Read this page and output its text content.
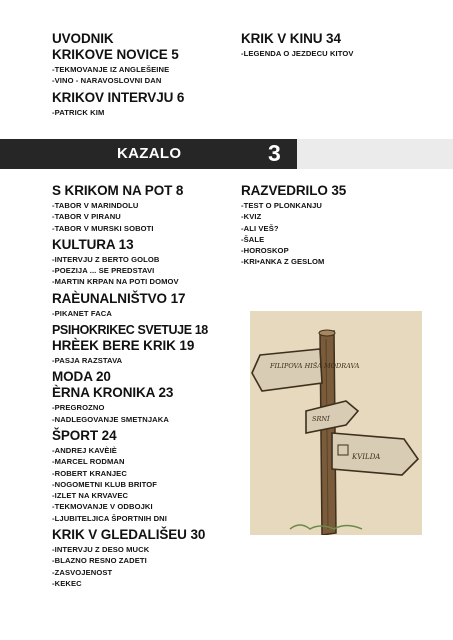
UVODNIK
KRIKOVE NOVICE 5
-TEKMOVANJE IZ ANGLEŠEINE
-VINO - NARAVOSLOVNI DAN
KRIKOV INTERVJU 6
-PATRICK KIM
KRIK V KINU 34
-LEGENDA O JEZDECU KITOV
KAZALO	3
S KRIKOM NA POT 8
-TABOR V MARINDOLU
-TABOR V PIRANU
-TABOR V MURSKI SOBOTI
KULTURA 13
-INTERVJU Z BERTO GOLOB
-POEZIJA ... SE PREDSTAVI
-MARTIN KRPAN NA POTI DOMOV
RAÈUNALNIŠTVO 17
-PIKANET FACA
PSIHOKRIKEC SVETUJE 18
HRÈEK BERE KRIK 19
-PASJA RAZSTAVA
MODA 20
ÈRNA KRONIKA 23
-PREGROZNO
-NADLEGOVANJE SMETNJAKA
ŠPORT 24
-ANDREJ KAVÈIÈ
-MARCEL RODMAN
-ROBERT KRANJEC
-NOGOMETNI KLUB BRITOF
-IZLET NA KRVAVEC
-TEKMOVANJE V ODBOJKI
-LJUBITELJICA ŠPORTNIH DNI
KRIK V GLEDALIŠEU 30
-INTERVJU Z DESO MUCK
-BLAZNO RESNO ZADETI
-ZASVOJENOST
-KEKEC
RAZVEDRILO 35
-TEST O PLONKANJU
-KVIZ
-ALI VEŠ?
-ŠALE
-HOROSKOP
-KRI•ANKA Z GESLOM
FILIPOVA HIŠA MODRAVA
SRNÍ
KVILDA
